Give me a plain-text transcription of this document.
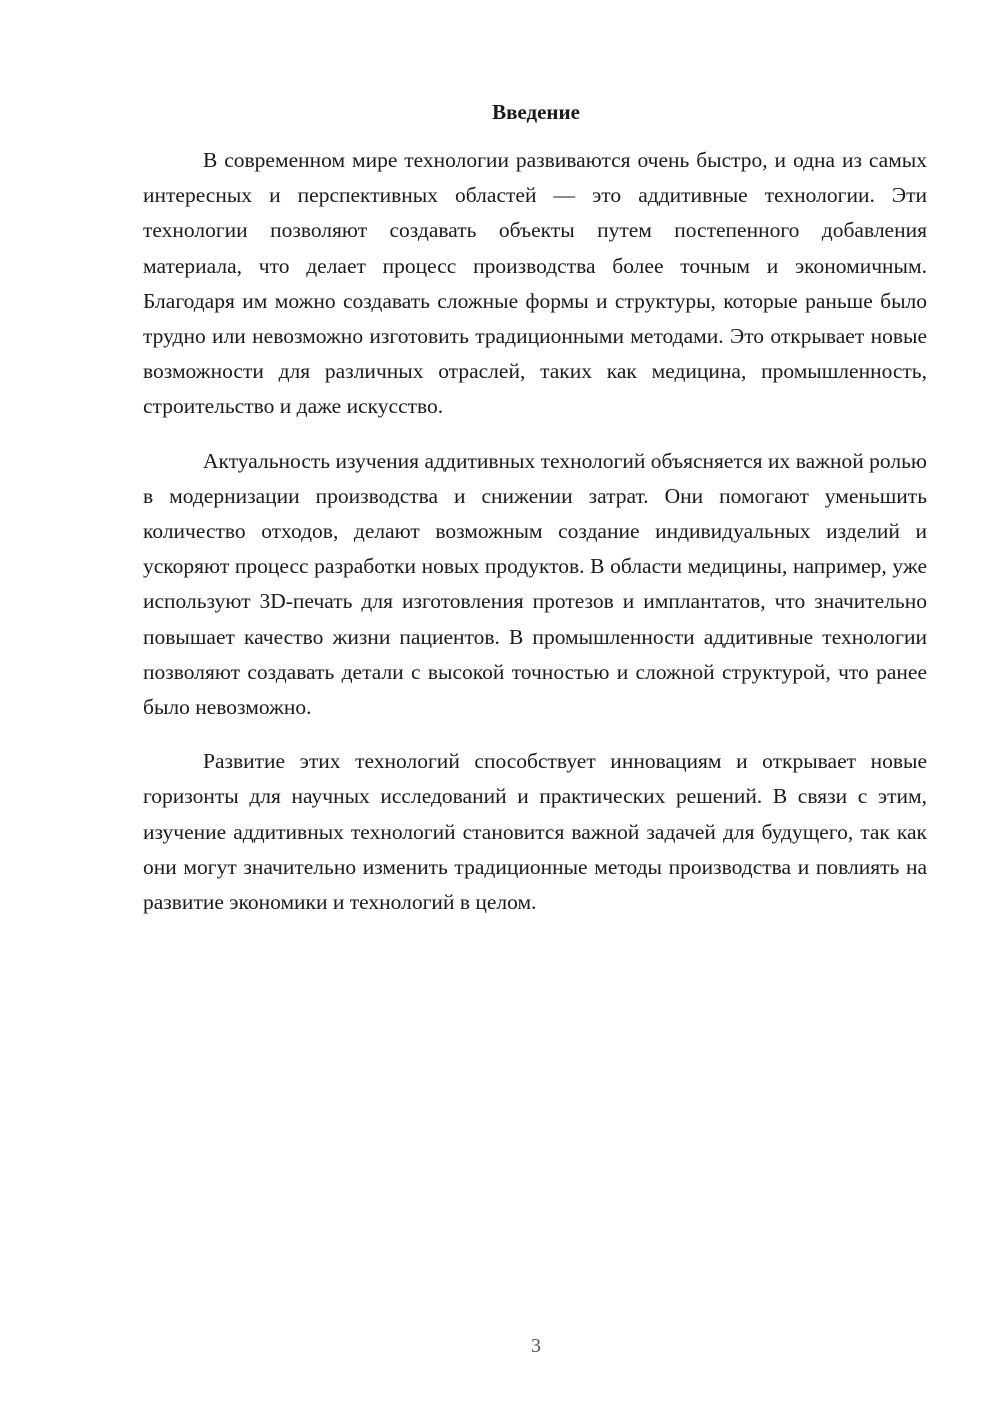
Введение

В современном мире технологии развиваются очень быстро, и одна из самых интересных и перспективных областей — это аддитивные технологии. Эти технологии позволяют создавать объекты путем постепенного добавления материала, что делает процесс производства более точным и экономичным. Благодаря им можно создавать сложные формы и структуры, которые раньше было трудно или невозможно изготовить традиционными методами. Это открывает новые возможности для различных отраслей, таких как медицина, промышленность, строительство и даже искусство.

Актуальность изучения аддитивных технологий объясняется их важной ролью в модернизации производства и снижении затрат. Они помогают уменьшить количество отходов, делают возможным создание индивидуальных изделий и ускоряют процесс разработки новых продуктов. В области медицины, например, уже используют 3D-печать для изготовления протезов и имплантатов, что значительно повышает качество жизни пациентов. В промышленности аддитивные технологии позволяют создавать детали с высокой точностью и сложной структурой, что ранее было невозможно.

Развитие этих технологий способствует инновациям и открывает новые горизонты для научных исследований и практических решений. В связи с этим, изучение аддитивных технологий становится важной задачей для будущего, так как они могут значительно изменить традиционные методы производства и повлиять на развитие экономики и технологий в целом.

3
